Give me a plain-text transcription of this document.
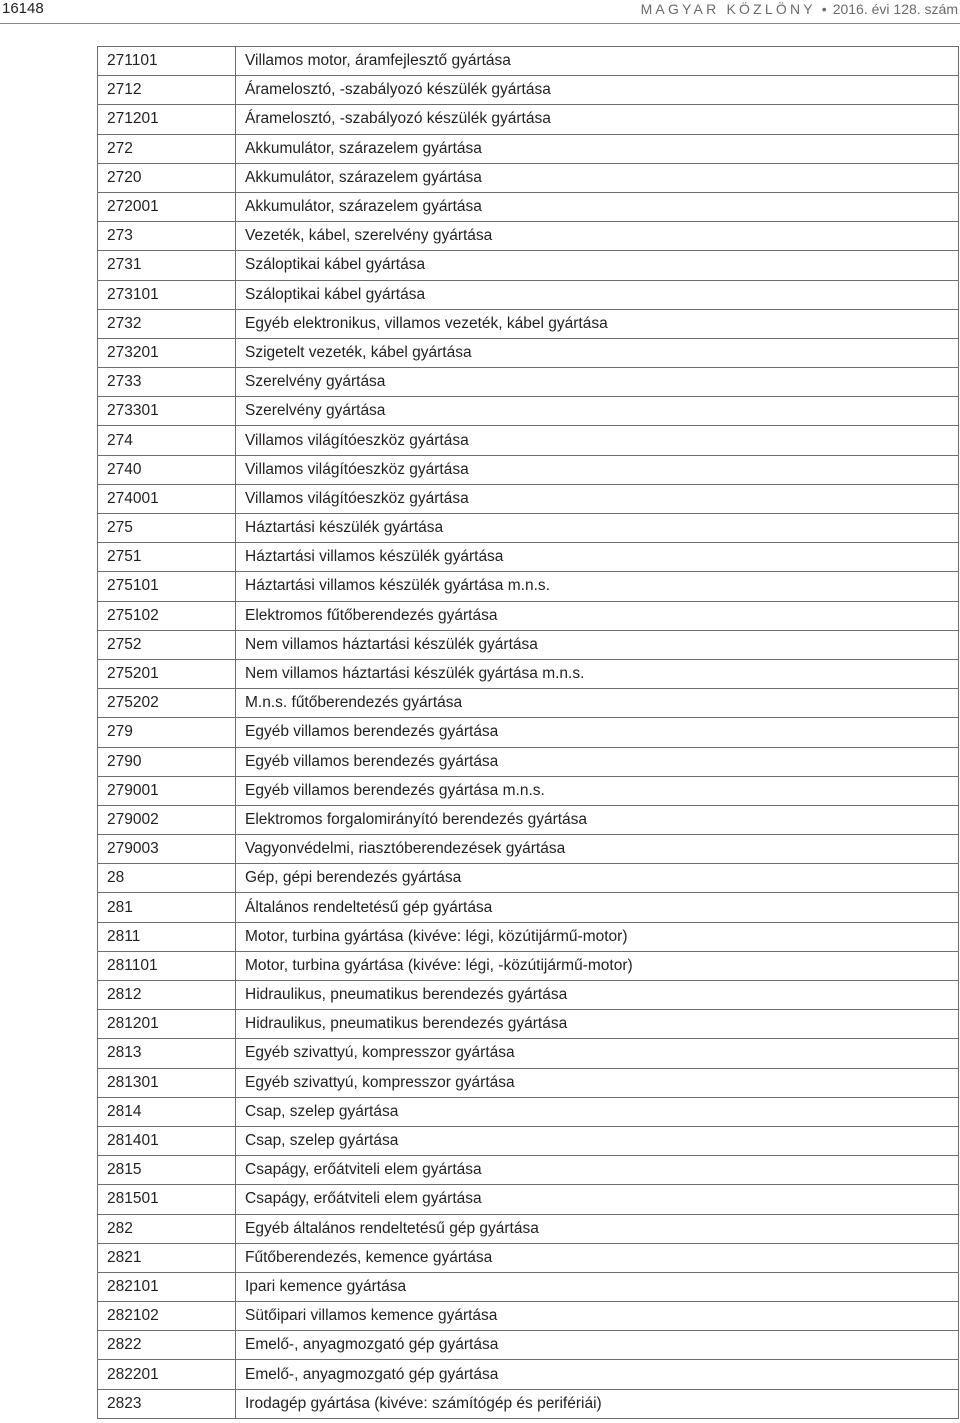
16148	MAGYAR KÖZLÖNY • 2016. évi 128. szám
271101	Villamos motor, áramfejlesztő gyártása
2712	Áramelosztó, -szabályozó készülék gyártása
271201	Áramelosztó, -szabályozó készülék gyártása
272	Akkumulátor, szárazelem gyártása
2720	Akkumulátor, szárazelem gyártása
272001	Akkumulátor, szárazelem gyártása
273	Vezeték, kábel, szerelvény gyártása
2731	Száloptikai kábel gyártása
273101	Száloptikai kábel gyártása
2732	Egyéb elektronikus, villamos vezeték, kábel gyártása
273201	Szigetelt vezeték, kábel gyártása
2733	Szerelvény gyártása
273301	Szerelvény gyártása
274	Villamos világítóeszköz gyártása
2740	Villamos világítóeszköz gyártása
274001	Villamos világítóeszköz gyártása
275	Háztartási készülék gyártása
2751	Háztartási villamos készülék gyártása
275101	Háztartási villamos készülék gyártása m.n.s.
275102	Elektromos fűtőberendezés gyártása
2752	Nem villamos háztartási készülék gyártása
275201	Nem villamos háztartási készülék gyártása m.n.s.
275202	M.n.s. fűtőberendezés gyártása
279	Egyéb villamos berendezés gyártása
2790	Egyéb villamos berendezés gyártása
279001	Egyéb villamos berendezés gyártása m.n.s.
279002	Elektromos forgalomirányító berendezés gyártása
279003	Vagyonvédelmi, riasztóberendezések gyártása
28	Gép, gépi berendezés gyártása
281	Általános rendeltetésű gép gyártása
2811	Motor, turbina gyártása (kivéve: légi, közútijármű-motor)
281101	Motor, turbina gyártása (kivéve: légi, -közútijármű-motor)
2812	Hidraulikus, pneumatikus berendezés gyártása
281201	Hidraulikus, pneumatikus berendezés gyártása
2813	Egyéb szivattyú, kompresszor gyártása
281301	Egyéb szivattyú, kompresszor gyártása
2814	Csap, szelep gyártása
281401	Csap, szelep gyártása
2815	Csapágy, erőátviteli elem gyártása
281501	Csapágy, erőátviteli elem gyártása
282	Egyéb általános rendeltetésű gép gyártása
2821	Fűtőberendezés, kemence gyártása
282101	Ipari kemence gyártása
282102	Sütőipari villamos kemence gyártása
2822	Emelő-, anyagmozgató gép gyártása
282201	Emelő-, anyagmozgató gép gyártása
2823	Irodagép gyártása (kivéve: számítógép és perifériái)
